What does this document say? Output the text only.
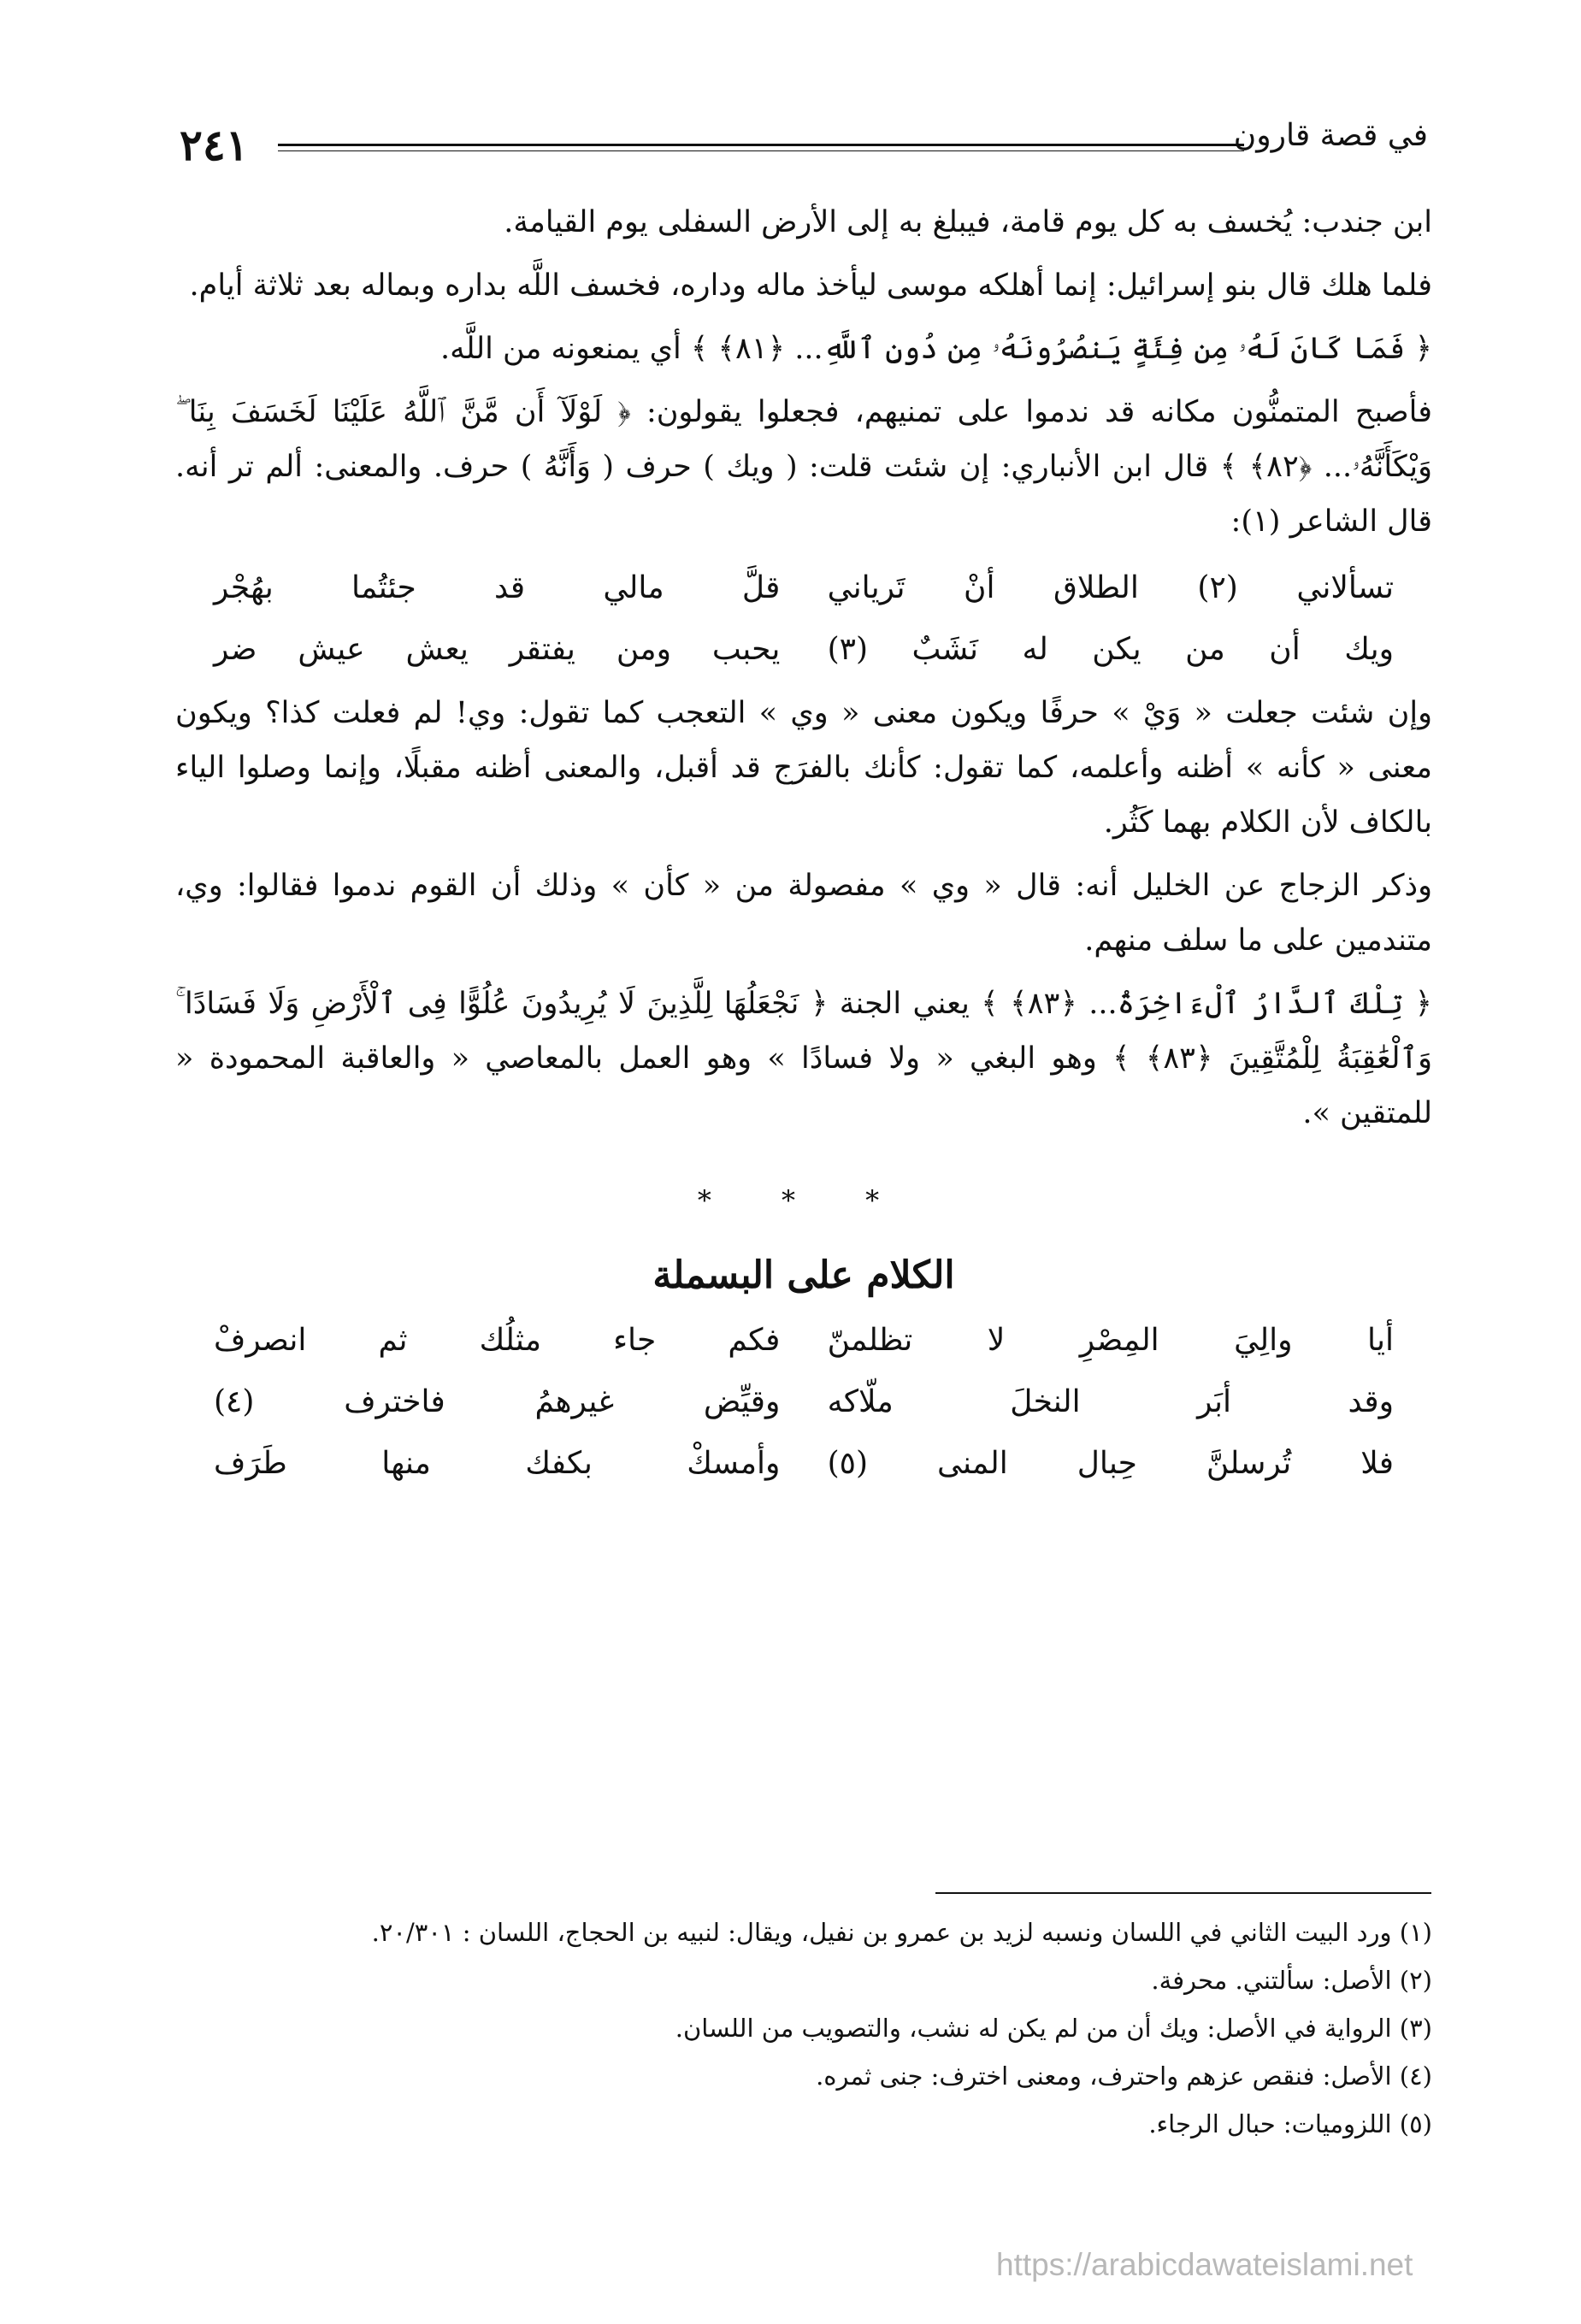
٢٤١	في قصة قارون

ابن جندب: يُخسف به كل يوم قامة، فيبلغ به إلى الأرض السفلى يوم القيامة.

فلما هلك قال بنو إسرائيل: إنما أهلكه موسى ليأخذ ماله وداره، فخسف اللَّه بداره وبماله بعد ثلاثة أيام.

﴿ فَمَا كَانَ لَهُۥ مِن فِئَةٍ يَنصُرُونَهُۥ مِن دُونِ ٱللَّهِ... ﴿٨١﴾ ﴾ أي يمنعونه من اللَّه.

فأصبح المتمنُّون مكانه قد ندموا على تمنيهم، فجعلوا يقولون: ﴿ لَوْلَآ أَن مَّنَّ ٱللَّهُ عَلَيْنَا لَخَسَفَ بِنَا ۖ وَيْكَأَنَّهُۥ... ﴿٨٢﴾ ﴾ قال ابن الأنباري: إن شئت قلت: ( ويك ) حرف ( وَأَنَّهُ ) حرف. والمعنى: ألم تر أنه. قال الشاعر (١):

تسألاني (٢) الطلاق أنْ تَرياني
قلَّ مالي قد جئتُما بهُجْر
ويك أن من يكن له نَشَبٌ (٣)
يحبب ومن يفتقر يعش عيش ضر

وإن شئت جعلت « وَيْ » حرفًا ويكون معنى « وي » التعجب كما تقول: وي! لم فعلت كذا؟ ويكون معنى « كأنه » أظنه وأعلمه، كما تقول: كأنك بالفرَج قد أقبل، والمعنى أظنه مقبلًا، وإنما وصلوا الياء بالكاف لأن الكلام بهما كَثُر.

وذكر الزجاج عن الخليل أنه: قال « وي » مفصولة من « كأن » وذلك أن القوم ندموا فقالوا: وي، متندمين على ما سلف منهم.

﴿ تِلْكَ ٱلدَّارُ ٱلْءَاخِرَةُ... ﴿٨٣﴾ ﴾ يعني الجنة ﴿ نَجْعَلُهَا لِلَّذِينَ لَا يُرِيدُونَ عُلُوًّا فِى ٱلْأَرْضِ وَلَا فَسَادًا ۚ وَٱلْعَٰقِبَةُ لِلْمُتَّقِينَ ﴿٨٣﴾ ﴾ وهو البغي « ولا فسادًا » وهو العمل بالمعاصي « والعاقبة المحمودة « للمتقين ».

* * *
الكلام على البسملة
أيا والِيَ المِصْرِ لا تظلمنّ
فكم جاء مثلُك ثم انصرفْ
وقد أبَر النخلَ ملّاكه
وقيِّض غيرهمُ فاخترف (٤)
فلا تُرسلنَّ حِبال المنى (٥)
وأمسكْ بكفك منها طَرَف
(١) ورد البيت الثاني في اللسان ونسبه لزيد بن عمرو بن نفيل، ويقال: لنبيه بن الحجاج، اللسان : ٢٠/٣٠١.
(٢) الأصل: سألتني. محرفة.
(٣) الرواية في الأصل: ويك أن من لم يكن له نشب، والتصويب من اللسان.
(٤) الأصل: فنقص عزهم واحترف، ومعنى اخترف: جنى ثمره.
(٥) اللزوميات: حبال الرجاء.
https://arabicdawateislami.net
